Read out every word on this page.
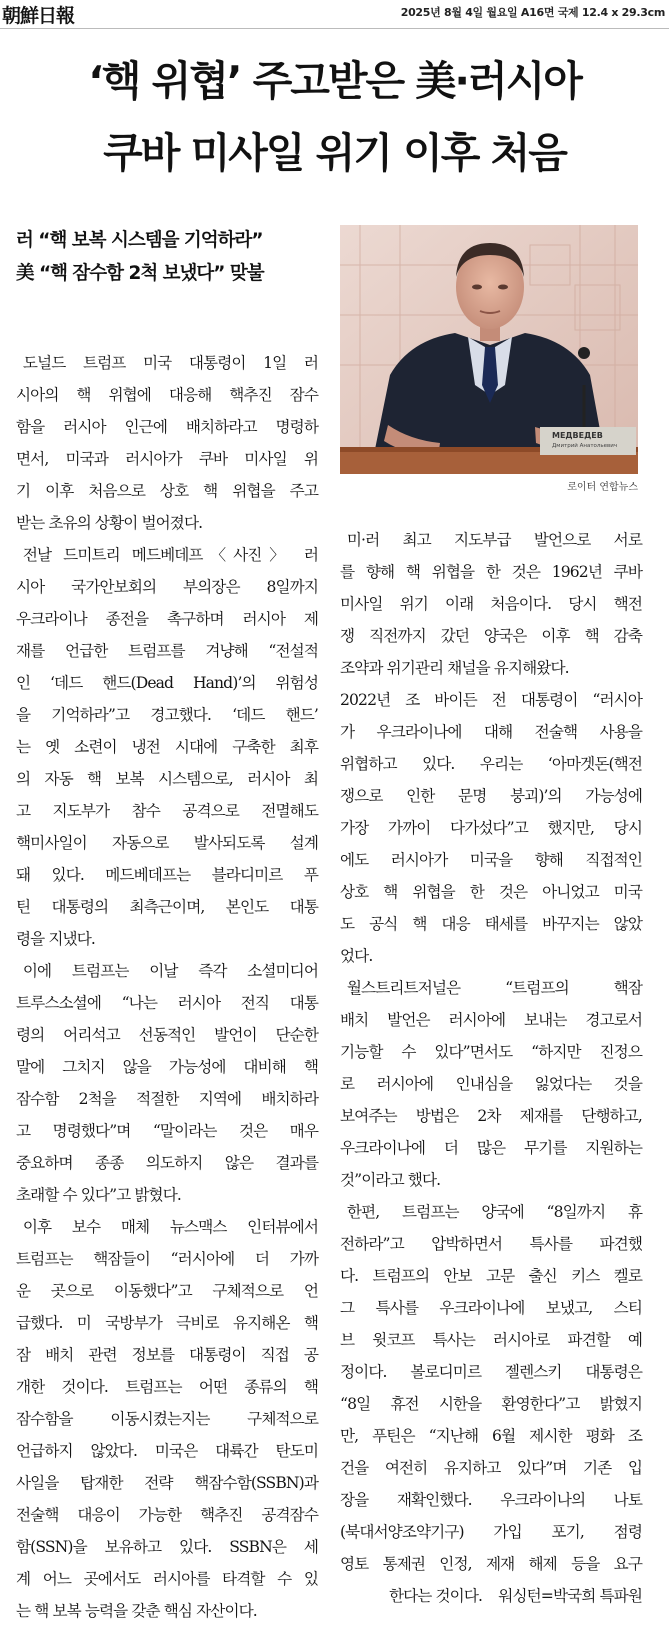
朝鮮日報	2025년 8월 4일 월요일 A16면 국제 12.4 x 29.3cm
‘핵 위협’ 주고받은 美·러시아
쿠바 미사일 위기 이후 처음
러 “핵 보복 시스템을 기억하라”
美 “핵 잠수함 2척 보냈다” 맞불
МЕДВЕДЕВ
Дмитрий Анатольевич
로이터 연합뉴스
 도널드 트럼프 미국 대통령이 1일 러
시아의 핵 위협에 대응해 핵추진 잠수
함을 러시아 인근에 배치하라고 명령하
면서, 미국과 러시아가 쿠바 미사일 위
기 이후 처음으로 상호 핵 위협을 주고
받는 초유의 상황이 벌어졌다.
 전날 드미트리 메드베데프〈사진〉 러
시아 국가안보회의 부의장은 8일까지
우크라이나 종전을 촉구하며 러시아 제
재를 언급한 트럼프를 겨냥해 “전설적
인 ‘데드 핸드(Dead Hand)’의 위험성
을 기억하라”고 경고했다. ‘데드 핸드’
는 옛 소련이 냉전 시대에 구축한 최후
의 자동 핵 보복 시스템으로, 러시아 최
고 지도부가 참수 공격으로 전멸해도
핵미사일이 자동으로 발사되도록 설계
돼 있다. 메드베데프는 블라디미르 푸
틴 대통령의 최측근이며, 본인도 대통
령을 지냈다.
 이에 트럼프는 이날 즉각 소셜미디어
트루스소셜에 “나는 러시아 전직 대통
령의 어리석고 선동적인 발언이 단순한
말에 그치지 않을 가능성에 대비해 핵
잠수함 2척을 적절한 지역에 배치하라
고 명령했다”며 “말이라는 것은 매우
중요하며 종종 의도하지 않은 결과를
초래할 수 있다”고 밝혔다.
 이후 보수 매체 뉴스맥스 인터뷰에서
트럼프는 핵잠들이 “러시아에 더 가까
운 곳으로 이동했다”고 구체적으로 언
급했다. 미 국방부가 극비로 유지해온 핵
잠 배치 관련 정보를 대통령이 직접 공
개한 것이다. 트럼프는 어떤 종류의 핵
잠수함을 이동시켰는지는 구체적으로
언급하지 않았다. 미국은 대륙간 탄도미
사일을 탑재한 전략 핵잠수함(SSBN)과
전술핵 대응이 가능한 핵추진 공격잠수
함(SSN)을 보유하고 있다. SSBN은 세
계 어느 곳에서도 러시아를 타격할 수 있
는 핵 보복 능력을 갖춘 핵심 자산이다.
 미·러 최고 지도부급 발언으로 서로
를 향해 핵 위협을 한 것은 1962년 쿠바
미사일 위기 이래 처음이다. 당시 핵전
쟁 직전까지 갔던 양국은 이후 핵 감축
조약과 위기관리 채널을 유지해왔다.
2022년 조 바이든 전 대통령이 “러시아
가 우크라이나에 대해 전술핵 사용을
위협하고 있다. 우리는 ‘아마겟돈(핵전
쟁으로 인한 문명 붕괴)’의 가능성에
가장 가까이 다가섰다”고 했지만, 당시
에도 러시아가 미국을 향해 직접적인
상호 핵 위협을 한 것은 아니었고 미국
도 공식 핵 대응 태세를 바꾸지는 않았
었다.
 월스트리트저널은 “트럼프의 핵잠
배치 발언은 러시아에 보내는 경고로서
기능할 수 있다”면서도 “하지만 진정으
로 러시아에 인내심을 잃었다는 것을
보여주는 방법은 2차 제재를 단행하고,
우크라이나에 더 많은 무기를 지원하는
것”이라고 했다.
 한편, 트럼프는 양국에 “8일까지 휴
전하라”고 압박하면서 특사를 파견했
다. 트럼프의 안보 고문 출신 키스 켈로
그 특사를 우크라이나에 보냈고, 스티
브 윗코프 특사는 러시아로 파견할 예
정이다. 볼로디미르 젤렌스키 대통령은
“8일 휴전 시한을 환영한다”고 밝혔지
만, 푸틴은 “지난해 6월 제시한 평화 조
건을 여전히 유지하고 있다”며 기존 입
장을 재확인했다. 우크라이나의 나토
(북대서양조약기구) 가입 포기, 점령
영토 통제권 인정, 제재 해제 등을 요구
한다는 것이다.    워싱턴=박국희 특파원
